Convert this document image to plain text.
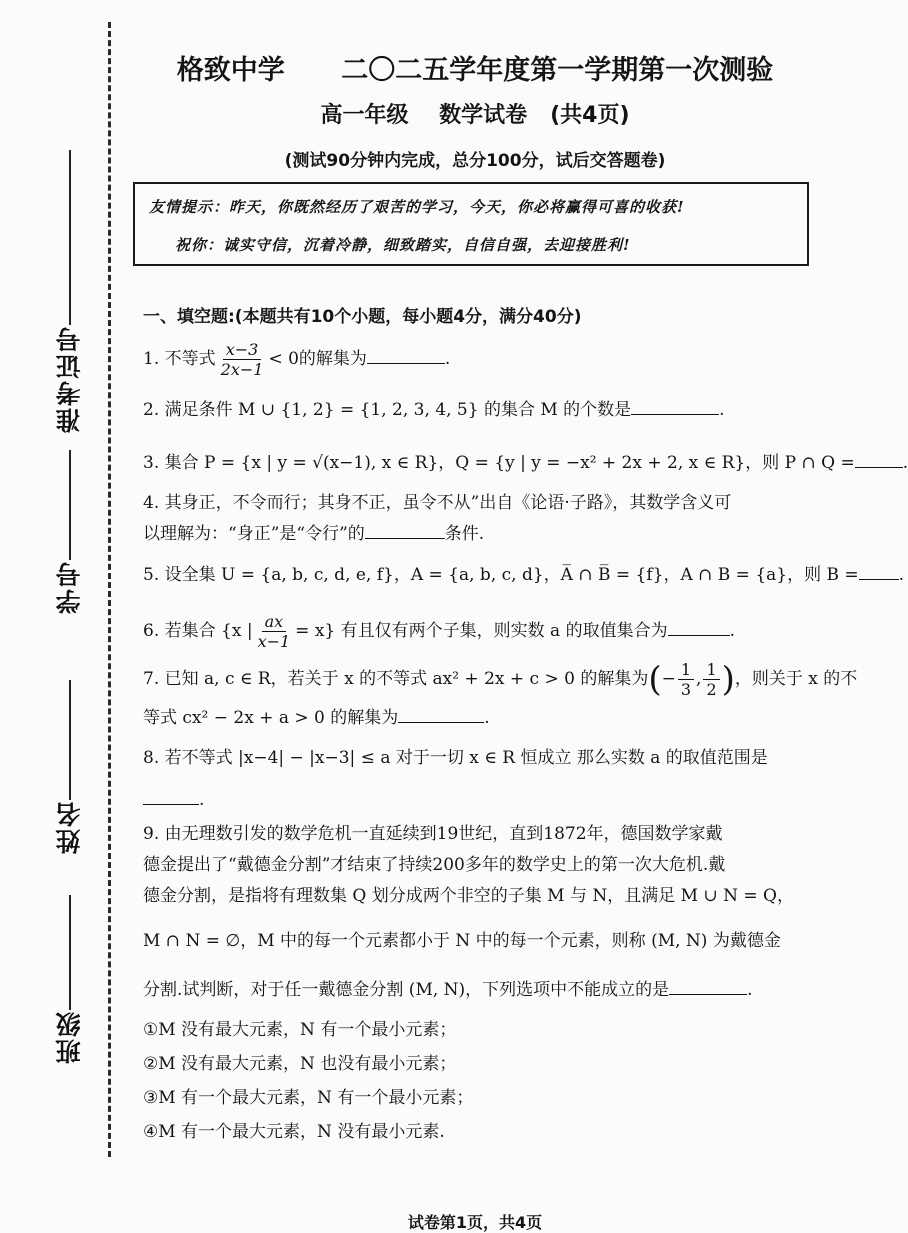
准考证号
学号
姓名
班级
格致中学 二〇二五学年度第一学期第一次测验
高一年级 数学试卷 (共4页)
(测试90分钟内完成，总分100分，试后交答题卷)
友情提示：昨天，你既然经历了艰苦的学习，今天，你必将赢得可喜的收获!
祝你：诚实守信，沉着冷静，细致踏实，自信自强，去迎接胜利!
一、填空题:(本题共有10个小题，每小题4分，满分40分)
1. 不等式 $\frac{x-3}{2x-1} < 0$的解集为	.
2. 满足条件 M ∪ {1, 2} = {1, 2, 3, 4, 5} 的集合 M 的个数是	.
3. 集合 P = {x | y = √(x−1), x ∈ R}，Q = {y | y = −x² + 2x + 2, x ∈ R}，则 P ∩ Q =	.
4. 其身正，不令而行；其身不正，虽令不从”出自《论语·子路》，其数学含义可
以理解为：“身正”是“令行”的	条件.
5. 设全集 U = {a, b, c, d, e, f}，A = {a, b, c, d}，A̅ ∩ B̅ = {f}，A ∩ B = {a}，则 B = .
6. 若集合 {x | $\frac{ax}{x-1} = x$} 有且仅有两个子集，则实数 a 的取值集合为	.
7. 已知 a, c ∈ R，若关于 x 的不等式 ax² + 2x + c > 0 的解集为(− $\frac{1}{3}$ , $\frac{1}{2}$ )，则关于 x 的不
等式 cx² − 2x + a > 0 的解集为	.
8. 若不等式 |x−4| − |x−3| ≤ a 对于一切 x ∈ R 恒成立 那么实数 a 的取值范围是
.
9. 由无理数引发的数学危机一直延续到19世纪，直到1872年，德国数学家戴
德金提出了“戴德金分割”才结束了持续200多年的数学史上的第一次大危机.戴
德金分割，是指将有理数集 Q 划分成两个非空的子集 M 与 N，且满足 M ∪ N = Q，
M ∩ N = ∅，M 中的每一个元素都小于 N 中的每一个元素，则称 (M, N) 为戴德金
分割.试判断，对于任一戴德金分割 (M, N)，下列选项中不能成立的是	.
①M 没有最大元素，N 有一个最小元素；
②M 没有最大元素，N 也没有最小元素；
③M 有一个最大元素，N 有一个最小元素；
④M 有一个最大元素，N 没有最小元素.
试卷第1页，共4页
